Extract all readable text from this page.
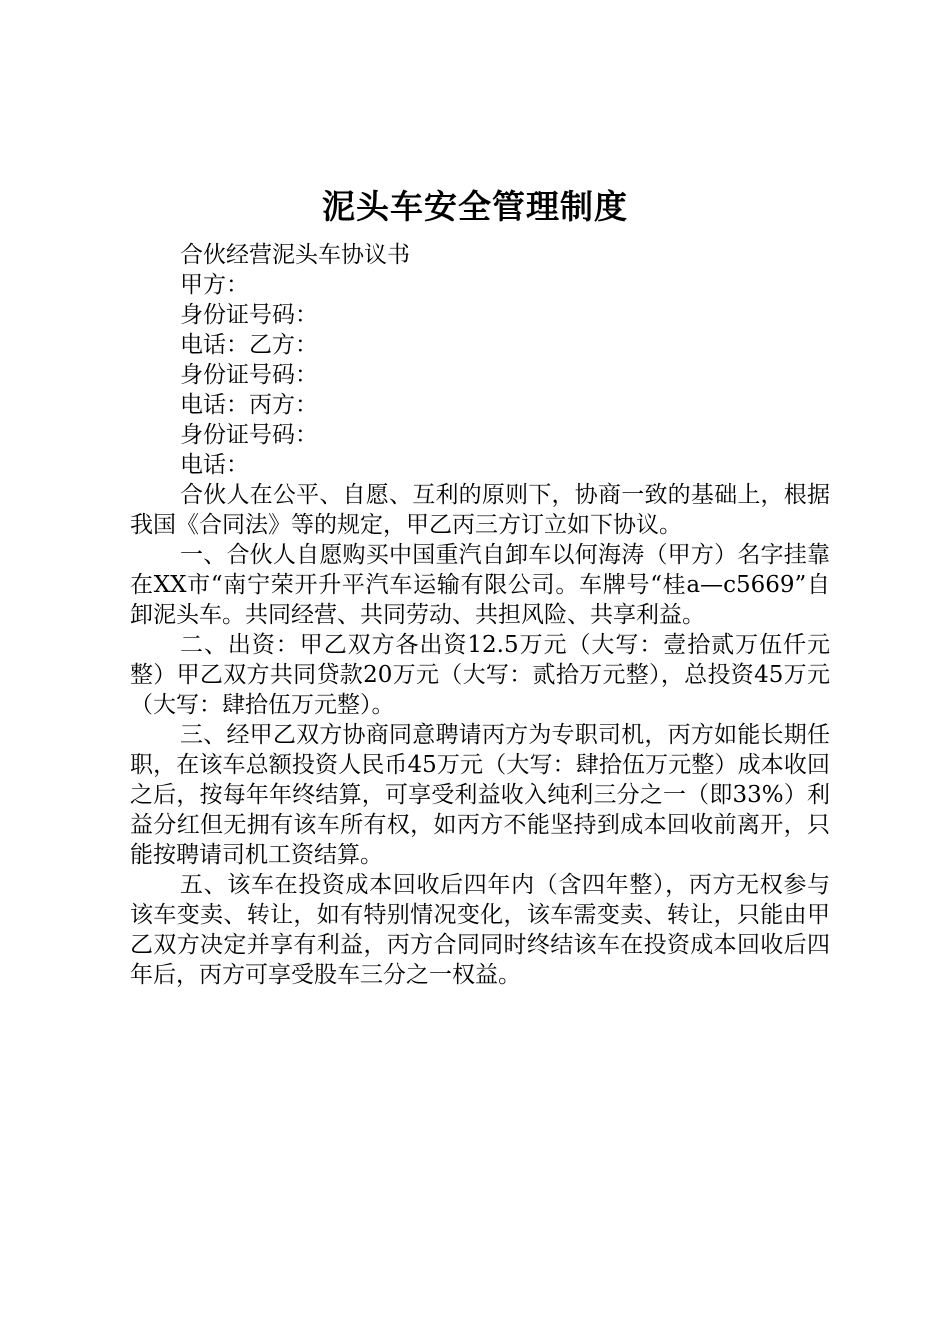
泥头车安全管理制度

合伙经营泥头车协议书

甲方：

身份证号码：

电话：乙方：

身份证号码：

电话：丙方：

身份证号码：

电话：

合伙人在公平、自愿、互利的原则下，协商一致的基础上，根据我国《合同法》等的规定，甲乙丙三方订立如下协议。

一、合伙人自愿购买中国重汽自卸车以何海涛（甲方）名字挂靠在XX市“南宁荣开升平汽车运输有限公司。车牌号“桂a—c5669”自卸泥头车。共同经营、共同劳动、共担风险、共享利益。

二、出资：甲乙双方各出资12.5万元（大写：壹拾贰万伍仟元整）甲乙双方共同贷款20万元（大写：贰拾万元整），总投资45万元（大写：肆拾伍万元整）。

三、经甲乙双方协商同意聘请丙方为专职司机，丙方如能长期任职，在该车总额投资人民币45万元（大写：肆拾伍万元整）成本收回之后，按每年年终结算，可享受利益收入纯利三分之一（即33%）利益分红但无拥有该车所有权，如丙方不能坚持到成本回收前离开，只能按聘请司机工资结算。

五、该车在投资成本回收后四年内（含四年整），丙方无权参与该车变卖、转让，如有特别情况变化，该车需变卖、转让，只能由甲乙双方决定并享有利益，丙方合同同时终结该车在投资成本回收后四年后，丙方可享受股车三分之一权益。
